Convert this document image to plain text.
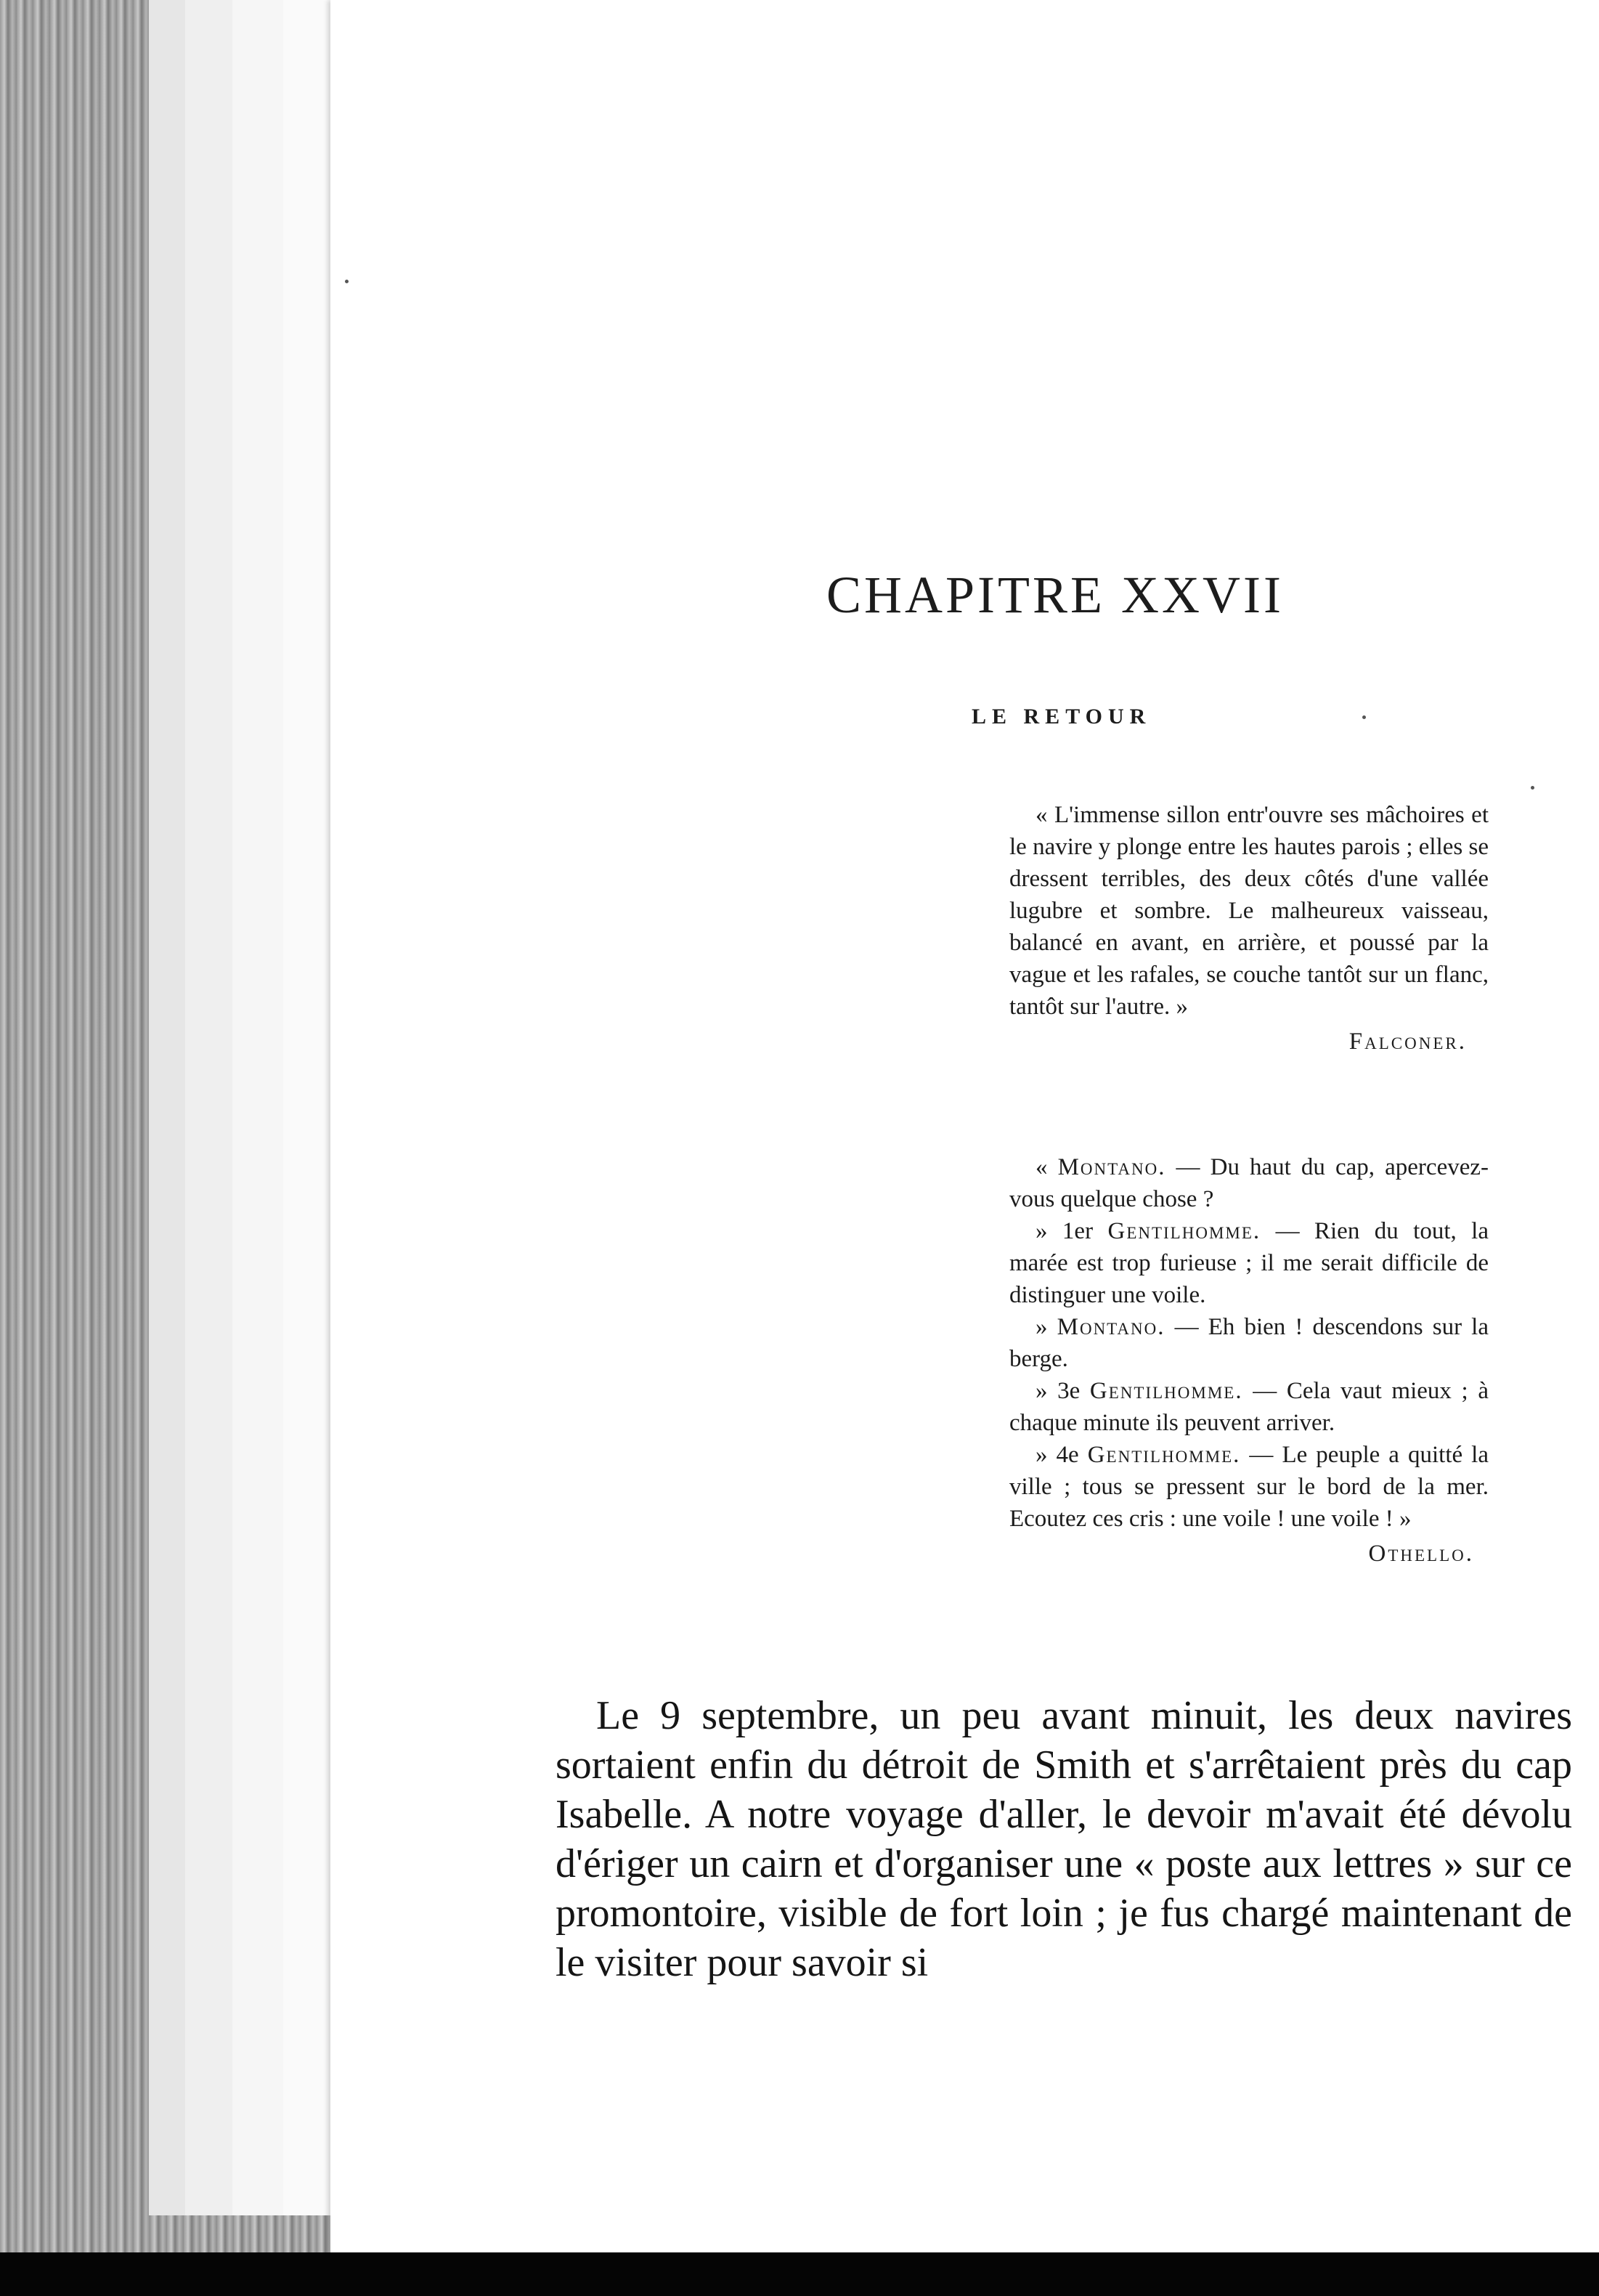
CHAPITRE XXVII
LE RETOUR

« L'immense sillon entr'ouvre ses mâchoires et le navire y plonge entre les hautes parois ; elles se dressent terribles, des deux côtés d'une vallée lugubre et sombre. Le malheureux vaisseau, balancé en avant, en arrière, et poussé par la vague et les rafales, se couche tantôt sur un flanc, tantôt sur l'autre. »

Falconer.

« Montano. — Du haut du cap, apercevez-vous quelque chose ?

» 1er Gentilhomme. — Rien du tout, la marée est trop furieuse ; il me serait difficile de distinguer une voile.

» Montano. — Eh bien ! descendons sur la berge.

» 3e Gentilhomme. — Cela vaut mieux ; à chaque minute ils peuvent arriver.

» 4e Gentilhomme. — Le peuple a quitté la ville ; tous se pressent sur le bord de la mer. Ecoutez ces cris : une voile ! une voile ! »

Othello.

Le 9 septembre, un peu avant minuit, les deux navires sortaient enfin du détroit de Smith et s'arrêtaient près du cap Isabelle. A notre voyage d'aller, le devoir m'avait été dévolu d'ériger un cairn et d'organiser une « poste aux lettres » sur ce promontoire, visible de fort loin ; je fus chargé maintenant de le visiter pour savoir si
